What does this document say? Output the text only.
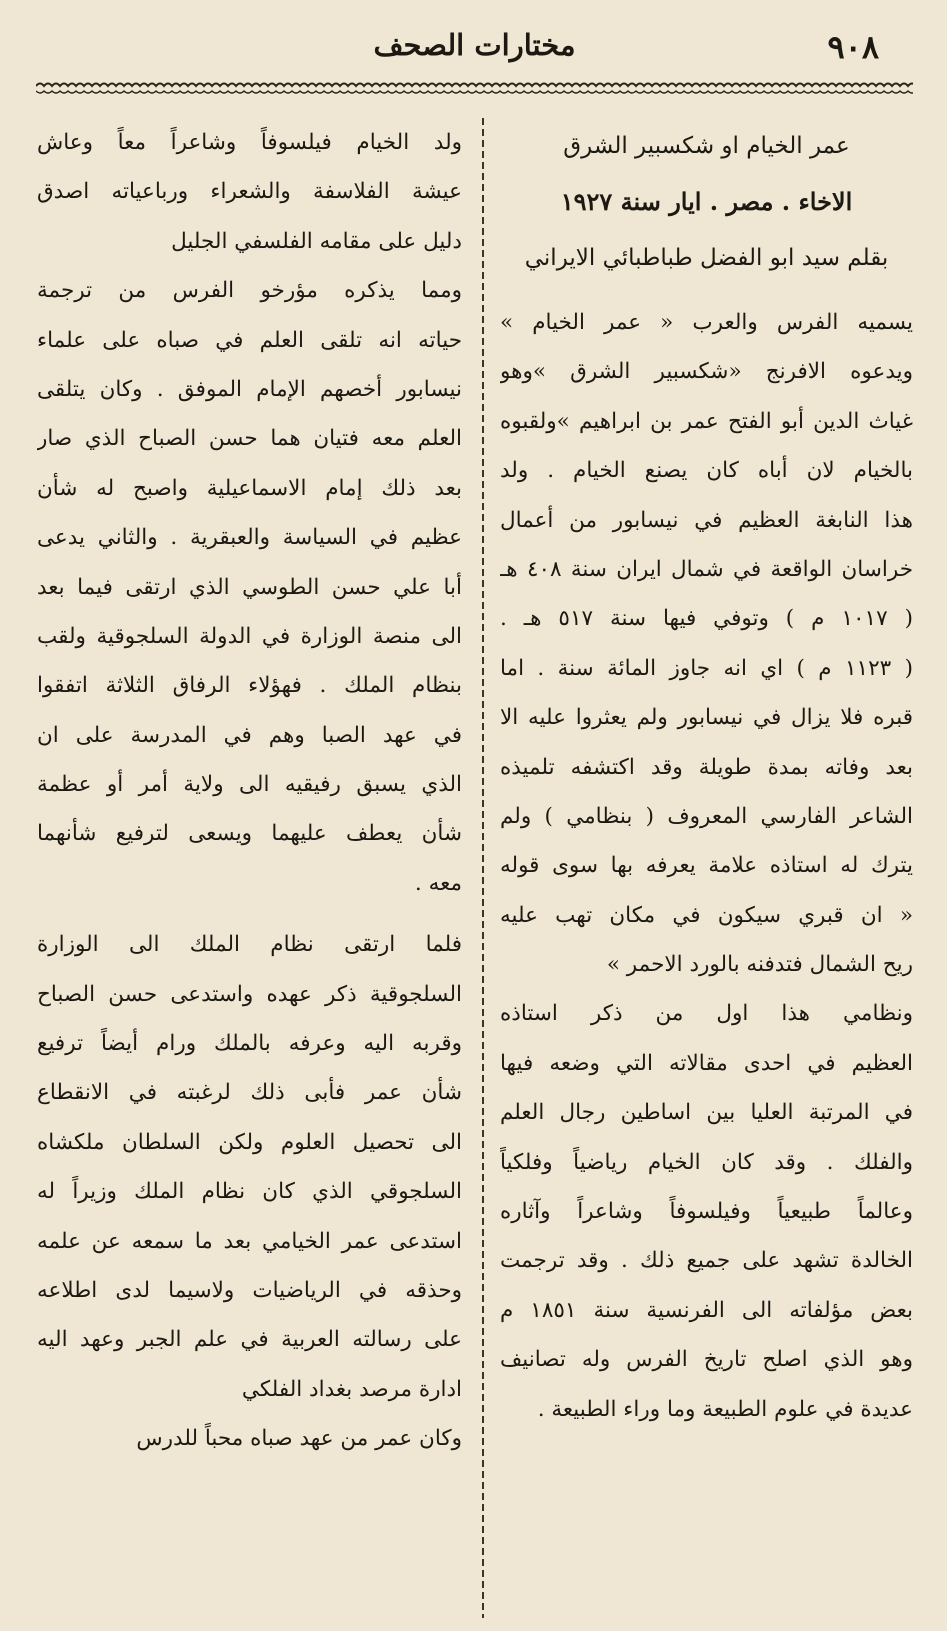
٩٠٨
مختارات الصحف
عمر الخيام او شكسبير الشرق
الاخاء . مصر . ايار سنة ١٩٢٧
بقلم سيد ابو الفضل طباطبائي الايراني
يسميه الفرس والعرب « عمر الخيام »
ويدعوه الافرنج «شكسبير الشرق »وهو
غياث الدين أبو الفتح عمر بن ابراهيم »ولقبوه
بالخيام لان أباه كان يصنع الخيام . ولد
هذا النابغة العظيم في نيسابور من أعمال
خراسان الواقعة في شمال ايران سنة ٤٠٨ هـ
( ١٠١٧ م ) وتوفي فيها سنة ٥١٧ هـ .
( ١١٢٣ م ) اي انه جاوز المائة سنة . اما
قبره فلا يزال في نيسابور ولم يعثروا عليه الا
بعد وفاته بمدة طويلة وقد اكتشفه تلميذه
الشاعر الفارسي المعروف ( بنظامي ) ولم
يترك له استاذه علامة يعرفه بها سوى قوله
« ان قبري سيكون في مكان تهب عليه
ريح الشمال فتدفنه بالورد الاحمر »
ونظامي هذا اول من ذكر استاذه
العظيم في احدى مقالاته التي وضعه فيها
في المرتبة العليا بين اساطين رجال العلم
والفلك . وقد كان الخيام رياضياً وفلكياً
وعالماً طبيعياً وفيلسوفاً وشاعراً وآثاره
الخالدة تشهد على جميع ذلك . وقد ترجمت
بعض مؤلفاته الى الفرنسية سنة ١٨٥١ م
وهو الذي اصلح تاريخ الفرس وله تصانيف
عديدة في علوم الطبيعة وما وراء الطبيعة .
ولد الخيام فيلسوفاً وشاعراً معاً وعاش
عيشة الفلاسفة والشعراء ورباعياته اصدق
دليل على مقامه الفلسفي الجليل
ومما يذكره مؤرخو الفرس من ترجمة
حياته انه تلقى العلم في صباه على علماء
نيسابور أخصهم الإمام الموفق . وكان يتلقى
العلم معه فتيان هما حسن الصباح الذي صار
بعد ذلك إمام الاسماعيلية واصبح له شأن
عظيم في السياسة والعبقرية . والثاني يدعى
أبا علي حسن الطوسي الذي ارتقى فيما بعد
الى منصة الوزارة في الدولة السلجوقية ولقب
بنظام الملك . فهؤلاء الرفاق الثلاثة اتفقوا
في عهد الصبا وهم في المدرسة على ان
الذي يسبق رفيقيه الى ولاية أمر أو عظمة
شأن يعطف عليهما ويسعى لترفيع شأنهما
معه .
فلما ارتقى نظام الملك الى الوزارة
السلجوقية ذكر عهده واستدعى حسن الصباح
وقربه اليه وعرفه بالملك ورام أيضاً ترفيع
شأن عمر فأبى ذلك لرغبته في الانقطاع
الى تحصيل العلوم ولكن السلطان ملكشاه
السلجوقي الذي كان نظام الملك وزيراً له
استدعى عمر الخيامي بعد ما سمعه عن علمه
وحذقه في الرياضيات ولاسيما لدى اطلاعه
على رسالته العربية في علم الجبر وعهد اليه
ادارة مرصد بغداد الفلكي
وكان عمر من عهد صباه محباً للدرس
